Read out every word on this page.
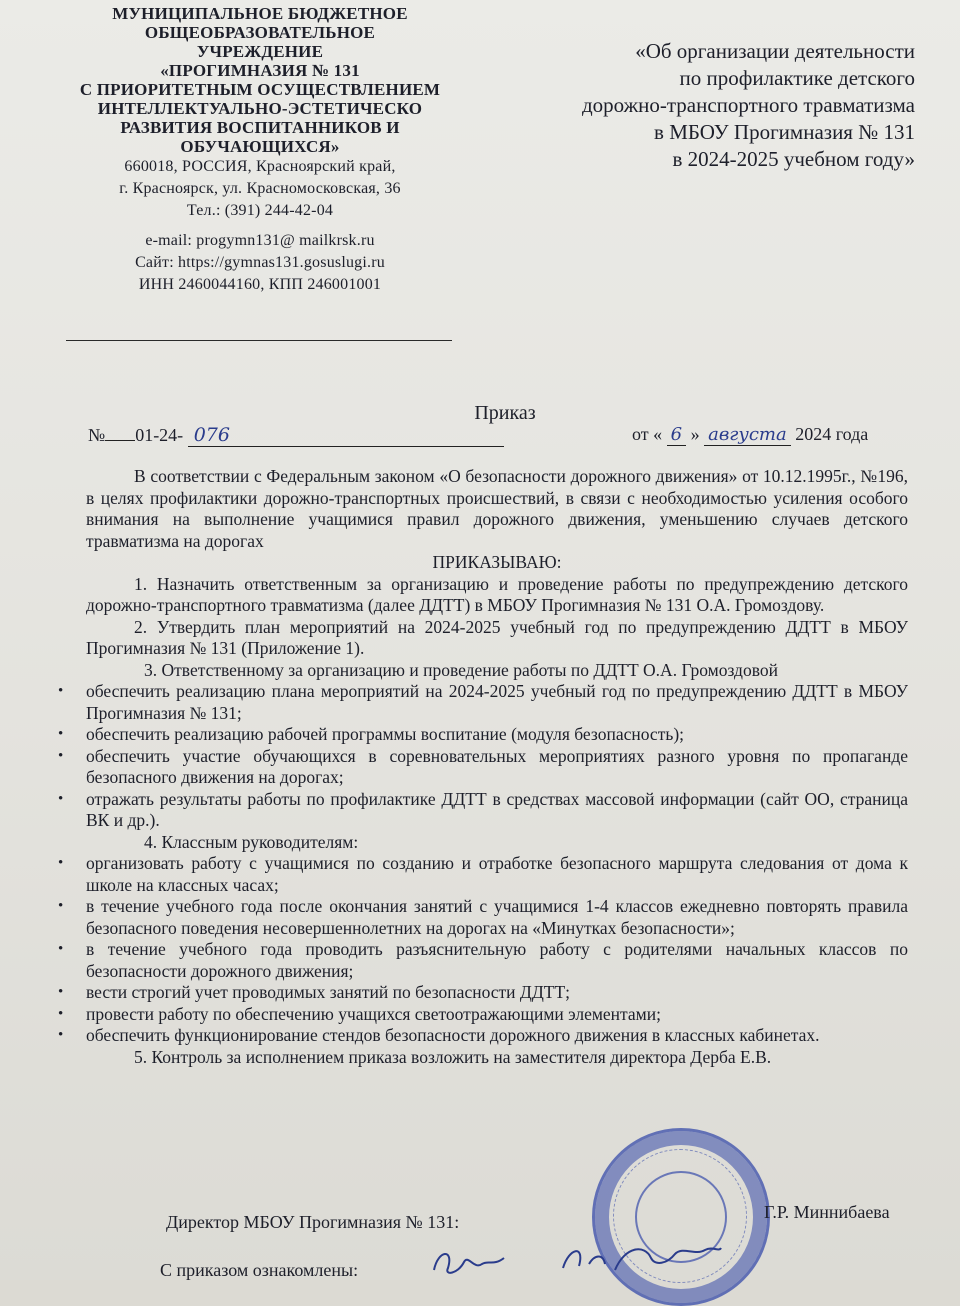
МУНИЦИПАЛЬНОЕ БЮДЖЕТНОЕ
ОБЩЕОБРАЗОВАТЕЛЬНОЕ
УЧРЕЖДЕНИЕ
«ПРОГИМНАЗИЯ № 131
С ПРИОРИТЕТНЫМ ОСУЩЕСТВЛЕНИЕМ
ИНТЕЛЛЕКТУАЛЬНО-ЭСТЕТИЧЕСКО
РАЗВИТИЯ ВОСПИТАННИКОВ И
ОБУЧАЮЩИХСЯ»
660018, РОССИЯ, Красноярский край,
г. Красноярск, ул. Красномосковская, 36
Тел.: (391) 244-42-04
e-mail: progymn131@ mailkrsk.ru
Сайт: https://gymnas131.gosuslugi.ru
ИНН 2460044160, КПП 246001001
«Об организации деятельности
по профилактике детского
дорожно-транспортного травматизма
в МБОУ Прогимназия № 131
в 2024-2025 учебном году»
Приказ
№ 01-24- 076	от « 6 » августа 2024 года

В соответствии с Федеральным законом «О безопасности дорожного движения» от 10.12.1995г., №196, в целях профилактики дорожно-транспортных происшествий, в связи с необходимостью усиления особого внимания на выполнение учащимися правил дорожного движения, уменьшению случаев детского травматизма на дорогах

ПРИКАЗЫВАЮ:

1. Назначить ответственным за организацию и проведение работы по предупреждению детского дорожно-транспортного травматизма (далее ДДТТ) в МБОУ Прогимназия № 131 О.А. Громоздову.

2. Утвердить план мероприятий на 2024-2025 учебный год по предупреждению ДДТТ в МБОУ Прогимназия № 131 (Приложение 1).

3. Ответственному за организацию и проведение работы по ДДТТ О.А. Громоздовой

• обеспечить реализацию плана мероприятий на 2024-2025 учебный год по предупреждению ДДТТ в МБОУ Прогимназия № 131;

• обеспечить реализацию рабочей программы воспитание (модуля безопасность);

• обеспечить участие обучающихся в соревновательных мероприятиях разного уровня по пропаганде безопасного движения на дорогах;

• отражать результаты работы по профилактике ДДТТ в средствах массовой информации (сайт ОО, страница ВК и др.).

4. Классным руководителям:

• организовать работу с учащимися по созданию и отработке безопасного маршрута следования от дома к школе на классных часах;

• в течение учебного года после окончания занятий с учащимися 1-4 классов ежедневно повторять правила безопасного поведения несовершеннолетних на дорогах на «Минутках безопасности»;

• в течение учебного года проводить разъяснительную работу с родителями начальных классов по безопасности дорожного движения;

• вести строгий учет проводимых занятий по безопасности ДДТТ;

• провести работу по обеспечению учащихся светоотражающими элементами;

• обеспечить функционирование стендов безопасности дорожного движения в классных кабинетах.

5. Контроль за исполнением приказа возложить на заместителя директора Дерба Е.В.

Директор МБОУ Прогимназия № 131:	Г.Р. Миннибаева
С приказом ознакомлены:
